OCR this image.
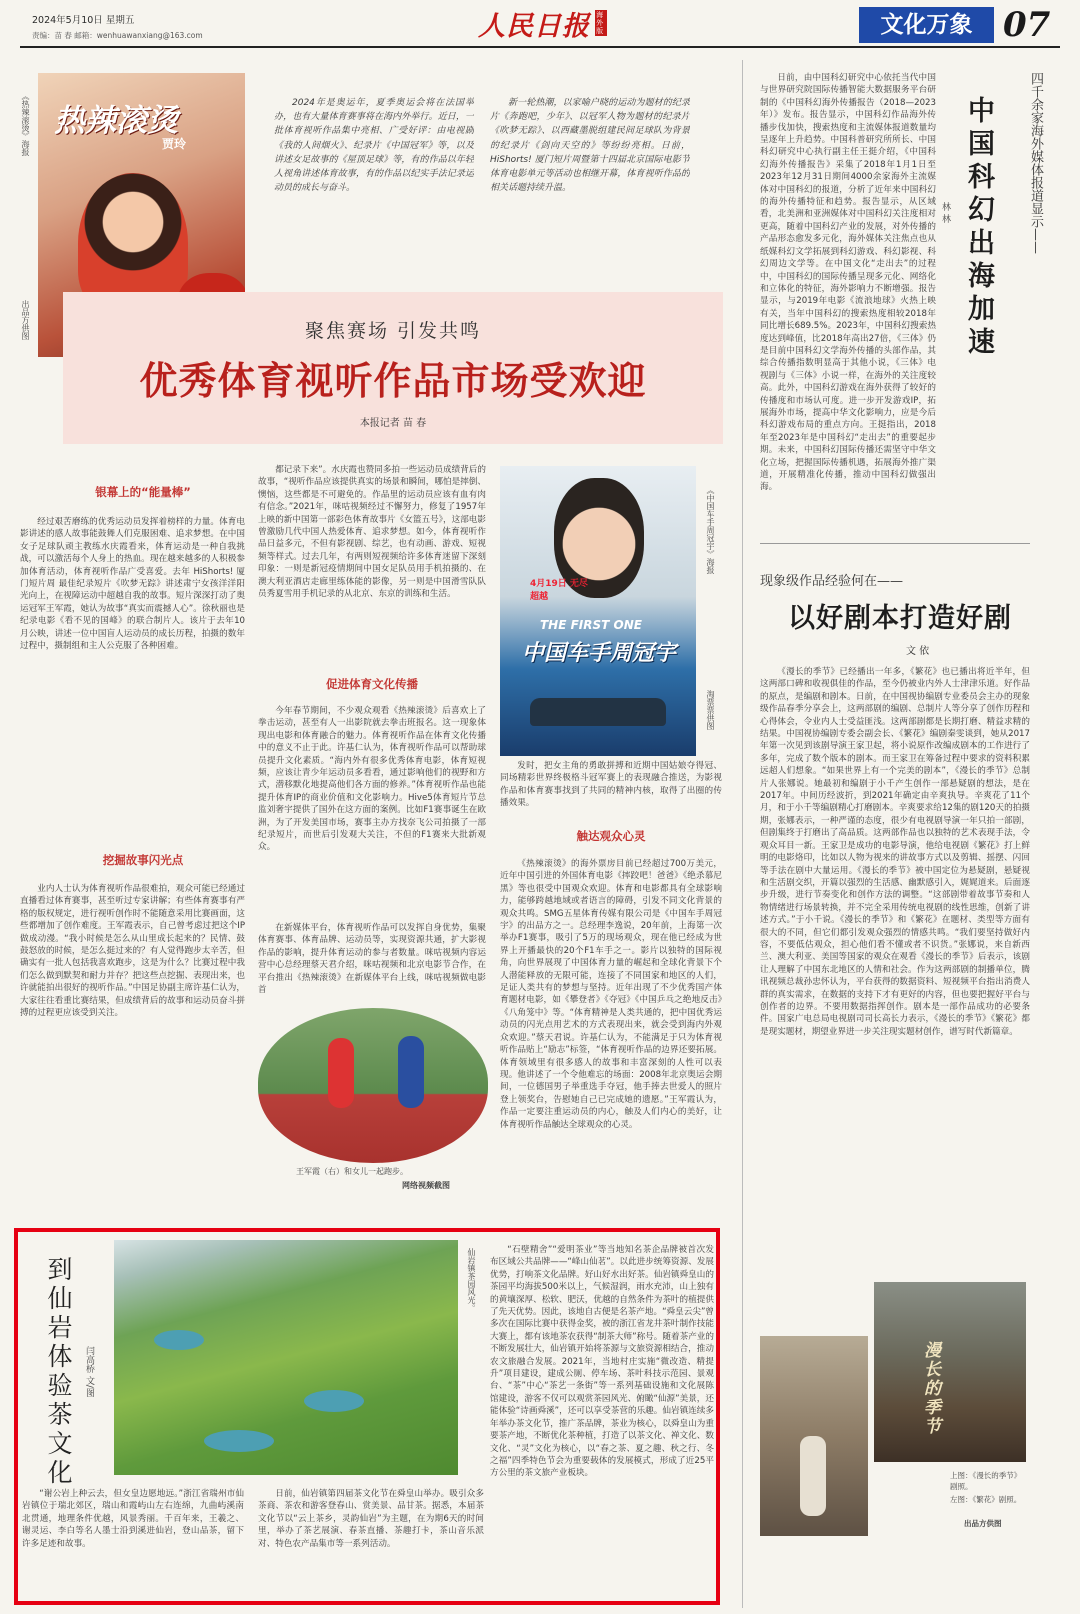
2024年5月10日 星期五
责编：苗 春 邮箱：wenhuawanxiang@163.com	人民日报 海外版	文化万象 07
热辣滚烫
贾玲
《热辣滚烫》海报
出品方供图
2024年是奥运年，夏季奥运会将在法国举办，也有大量体育赛事将在海内外举行。近日，一批体育视听作品集中亮相、广受好评：由电视剧《我的人间烟火》、纪录片《中国冠军》等，以及讲述女足故事的《屋顶足球》等，有的作品以年轻人视角讲述体育故事，有的作品以纪实手法记录运动员的成长与奋斗。
新一轮热潮，以家喻户晓的运动为题材的纪录片《奔跑吧，少年》、以冠军人物为题材的纪录片《吹梦无踪》、以西藏墨脱组建民间足球队为背景的纪录片《剑向天空的》等纷纷亮相。日前，HiShorts! 厦门短片周暨第十四届北京国际电影节体育电影单元等活动也相继开幕，体育视听作品的相关话题持续升温。
聚焦赛场 引发共鸣
优秀体育视听作品市场受欢迎
本报记者 苗 春
银幕上的“能量棒”
经过艰苦磨练的优秀运动员发挥着榜样的力量。体育电影讲述的感人故事能鼓舞人们克服困难、追求梦想。在中国女子足球队顽主教练水庆霞看来，体育运动是一种自我挑战，可以激活每个人身上的热血。现在越来越多的人积极参加体育活动，体育视听作品广受喜爱。去年 HiShorts! 厦门短片周 最佳纪录短片《吹梦无踪》讲述肃宁女孩洋洋阳光向上，在视障运动中超越自我的故事。短片深深打动了奥运冠军王军霞，她认为故事“真实而震撼人心”。徐秋丽也是纪录电影《看不见的国峰》的联合制片人。该片于去年10月公映，讲述一位中国盲人运动员的成长历程，拍摄的数年过程中，摄制组和主人公克服了各种困难。
挖掘故事闪光点
业内人士认为体育视听作品很难拍，观众可能已经通过直播看过体育赛事，甚至听过专家讲解；有些体育赛事有严格的版权规定，进行视听创作时不能随意采用比赛画面，这些都增加了创作难度。王军霞表示，自己曾考虑过把这个IP做成动漫。“我小时候是怎么从山里成长起来的？民情、鼓鼓怒放的时候，是怎么挺过来的？有人觉得跑步太辛苦，但确实有一批人包括我喜欢跑步，这是为什么？比赛过程中我们怎么做到默契和耐力并存？把这些点挖掘、表现出来，也许就能拍出很好的视听作品。”中国足协副主席许基仁认为，大家往往看重比赛结果，但成绩背后的故事和运动员奋斗拼搏的过程更应该受到关注。
都记录下来”。水庆霞也赞同多拍一些运动员成绩背后的故事，“视听作品应该提供真实的场景和瞬间，哪怕是摔倒、懊恼，这些都是不可避免的。作品里的运动员应该有血有肉有信念。”2021年，咪咕视频经过不懈努力，修复了1957年上映的新中国第一部彩色体育故事片《女篮五号》，这部电影曾激励几代中国人热爱体育、追求梦想。如今，体育视听作品日益多元，不但有影视剧、综艺，也有动画、游戏、短视频等样式。过去几年，有两则短视频给许多体育迷留下深刻印象：一则是新冠疫情期间中国女足队员用手机拍摄的、在澳大利亚酒店走廊里练体能的影像，另一则是中国滑雪队队员秀夏雪用手机记录的从北京、东京的训练和生活。
促进体育文化传播
今年春节期间，不少观众观看《热辣滚烫》后喜欢上了拳击运动，甚至有人一出影院就去拳击班报名。这一现象体现出电影和体育融合的魅力。体育视听作品在体育文化传播中的意义不止于此。许基仁认为，体育视听作品可以帮助球员提升文化素质。“海内外有很多优秀体育电影，体育短视频，应该让青少年运动员多看看，通过影响他们的视野和方式，潜移默化地提高他们各方面的修养。”体育视听作品也能提升体育IP的商业价值和文化影响力。Hive5体育短片节总监刘奢宇提供了国外在这方面的案例。比如F1赛事诞生在欧洲，为了开发美国市场，赛事主办方找奈飞公司拍摄了一部纪录短片，而世后引发观大关注，不但的F1赛来大批新观众。
在新媒体平台，体育视听作品可以发挥自身优势，集聚体育赛事、体育品牌、运动员等，实现资源共通，扩大影视作品的影响，提升体育运动的参与者数量。咪咕视频内容运营中心总经理蔡天君介绍，咪咕视频和北京电影节合作，在平台推出《热辣滚烫》在新媒体平台上线，咪咕视频做电影首
王军霞（右）和女儿一起跑步。
网络视频截图
4月19日 无尽超越
THE FIRST ONE
中国车手周冠宇
《中国车手周冠宇》海报
淘票票供图
发时，把女主角的勇敢拼搏和近期中国姑娘夺得冠、同场精彩世界终极格斗冠军赛上的表现融合推送，为影视作品和体育赛事找到了共同的精神内核，取得了出圈的传播效果。
触达观众心灵
《热辣滚烫》的海外票房目前已经超过700万美元，近年中国引进的外国体育电影《摔跤吧！爸爸》《绝杀慕尼黑》等也很受中国观众欢迎。体育和电影都具有全球影响力，能够跨越地域或者语言的障碍，引发不同文化背景的观众共鸣。SMG五星体育传媒有限公司是《中国车手周冠宇》的出品方之一。总经理李逸说，20年前，上海第一次举办F1赛事，吸引了5万的现场观众，现在他已经成为世界上开播最快的20个F1车手之一。影片以独特的国际视角，向世界展现了中国体育力量的崛起和全球化背景下个人潜能释放的无限可能，连接了不同国家和地区的人们，足证人类共有的梦想与坚持。近年出现了不少优秀国产体育题材电影，如《攀登者》《夺冠》《中国乒乓之绝地反击》《八角笼中》等。“体育精神是人类共通的，把中国优秀运动员的闪光点用艺术的方式表现出来，就会受到海内外观众欢迎。”蔡天君说。许基仁认为，不能满足于只为体育视听作品贴上“励志”标签，“体育视听作品的边界还要拓展。体育领域里有很多感人的故事和丰富深刻的人性可以表现。他讲述了一个令他难忘的场面：2008年北京奥运会期间，一位德国男子举重选手夺冠，他手捧去世爱人的照片登上领奖台，告慰她自己已完成她的遗愿。”王军霞认为，作品一定要注重运动员的内心，触及人们内心的美好，让体育视听作品触达全球观众的心灵。
四千余家海外媒体报道显示——
中国科幻出海加速
林 林
日前，由中国科幻研究中心依托当代中国与世界研究院国际传播智能大数据服务平台研制的《中国科幻海外传播报告（2018—2023年）》发布。报告显示，中国科幻作品海外传播步伐加快，搜索热度和主流媒体报道数量均呈逐年上升趋势。中国科普研究所所长、中国科幻研究中心执行副主任王挺介绍，《中国科幻海外传播报告》采集了2018年1月1日至2023年12月31日期间4000余家海外主流媒体对中国科幻的报道，分析了近年来中国科幻的海外传播特征和趋势。报告显示，从区域看，北美洲和亚洲媒体对中国科幻关注度相对更高，随着中国科幻产业的发展，对外传播的产品形态愈发多元化，海外媒体关注焦点也从纸媒科幻文学拓展到科幻游戏、科幻影视、科幻周边文学等。在中国文化“走出去”的过程中，中国科幻的国际传播呈现多元化、网络化和立体化的特征，海外影响力不断增强。报告显示，与2019年电影《流浪地球》火热上映有关，当年中国科幻的搜索热度相较2018年同比增长689.5%。2023年，中国科幻搜索热度达到峰值，比2018年高出27倍，《三体》仍是目前中国科幻文学海外传播的头部作品，其综合传播指数明显高于其他小说，《三体》电视剧与《三体》小说一样，在海外的关注度较高。此外，中国科幻游戏在海外获得了较好的传播度和市场认可度。进一步开发游戏IP，拓展海外市场，提高中华文化影响力，应是今后科幻游戏布局的重点方向。王挺指出，2018年至2023年是中国科幻“走出去”的重要起步期。未来，中国科幻国际传播还需坚守中华文化立场，把握国际传播机遇，拓展海外推广渠道，开展精准化传播，推动中国科幻做强出海。
现象级作品经验何在——
以好剧本打造好剧
文 依
《漫长的季节》已经播出一年多，《繁花》也已播出将近半年，但这两部口碑和收视俱佳的作品，至今仍被业内外人士津津乐道。好作品的原点，是编剧和剧本。日前，在中国视协编剧专业委员会主办的现象级作品春季分享会上，这两部剧的编剧、总制片人等分享了创作历程和心得体会，令业内人士受益匪浅。这两部剧都是长期打磨、精益求精的结果。中国视协编剧专委会副会长、《繁花》编剧秦雯谈到，她从2017年第一次见到该剧导演王家卫起，将小说原作改编成剧本的工作进行了多年，完成了数个版本的剧本。而王家卫在筹备过程中要求的资料积累远超人们想象。“如果世界上有一个完美的剧本”，《漫长的季节》总制片人张娜说。她最初和编剧于小千产生创作一部悬疑剧的想法，是在2017年。中间历经波折，到2021年确定由辛爽执导。辛爽花了11个月，和于小千等编剧精心打磨剧本。辛爽要求给12集的剧120天的拍摄期，张娜表示，一种严谨的态度，很少有电视剧导演一年只拍一部剧，但剧集终于打磨出了高品质。这两部作品也以独特的艺术表现手法，令观众耳目一新。王家卫是成功的电影导演，他给电视剧《繁花》打上鲜明的电影烙印，比如以人物为视来的讲故事方式以及剪辑、摇摆、闪回等手法在剧中大量运用。《漫长的季节》被中国定位为悬疑剧，悬疑视和生活剧交织，开篇以强烈的生活感、幽默感引入，娓娓道来。后面逐步升级，进行节奏变化和创作方法的调整。“这部剧带着故事节奏和人物情绪进行场景转换，并不完全采用传统电视剧的线性思维，创新了讲述方式。”于小千说。《漫长的季节》和《繁花》在题材、类型等方面有很大的不同，但它们都引发观众强烈的情感共鸣。“我们要坚持做好内容，不要低估观众，担心他们看不懂或者不识货。”张娜说，来自新西兰、澳大利亚、美国等国家的观众在观看《漫长的季节》后表示，该剧让人理解了中国东北地区的人情和社会。作为这两部剧的制播单位，腾讯视频总裁孙忠怀认为，平台获得的数据资料、短视频平台指出消费人群的真实需求，在数据的支持下才有更好的内容，但也要把握好平台与创作者的边界。不要用数据指挥创作。剧本是一部作品成功的必要条件。国家广电总局电视剧司司长高长力表示，《漫长的季节》《繁花》都是现实题材，期望业界进一步关注现实题材创作，谱写时代新篇章。
漫长的季节
上图：《漫长的季节》剧照。
左图：《繁花》剧照。
出品方供图
到仙岩体验茶文化 闫高桥 文/图
仙岩镇茶园风光。
“谢公岩上种云去，但女皇边愿地远。”浙江省瑞州市仙岩镇位于瑞北郊区，瑞山和霞屿山左右连绵，九曲屿溪南北贯通，地理条件优越，风景秀丽。千百年来，王羲之、谢灵运、李白等名人墨士沿到溪进仙岩，登山品茶，留下许多足迹和故事。
日前，仙岩镇第四届茶文化节在舜皇山举办。吸引众多茶商、茶农和游客登春山、赏美景、品甘茶。据悉，本届茶文化节以“云上茶乡，灵韵仙岩”为主题，在为期6天的时间里，举办了茶艺展演、春茶直播、茶趣打卡，茶山音乐派对、特色农产品集市等一系列活动。
“石壁精舍”“爱明茶业”等当地知名茶企品牌被首次发布区域公共品牌——“峰山仙茗”。以此进步统筹资源、发展优势，打响茶文化品牌。好山好水出好茶。仙岩镇舜皇山的茶园平均海拔500米以上，气候湿润，雨水充沛，山上独有的黄壤深厚、松软、肥沃，优越的自然条件为茶叶的植提供了先天优势。因此，该地自古便是名茶产地。“舜皇云尖”曾多次在国际比赛中获得金奖，被的浙江省龙井茶叶制作技能大赛上，都有该地茶农获得“制茶大师”称号。随着茶产业的不断发展壮大，仙岩镇开始将茶源与文旅资源相结合，推动农文旅融合发展。2021年，当地村庄实施“微改造、精提升”项目建设，建成公厕、停车场、茶叶科技示范园、景观台、“茶”中心“茶艺一条街”等一系列基础设施和文化展陈馆建设，游客不仅可以观赏茶园风光、俯瞰“仙源”美景，还能体验“诗画舜溪”，还可以享受茶营的乐趣。仙岩镇连续多年举办茶文化节，推广茶品牌，茶业为核心，以舜皇山为重要茶产地，不断优化茶种植，打造了以茶文化、禅文化、数文化、“灵”文化为核心，以“春之茶、夏之趣、秋之行、冬之福”四季特色节会为重要载体的发展模式，形成了近25平方公里的茶文旅产业板块。
